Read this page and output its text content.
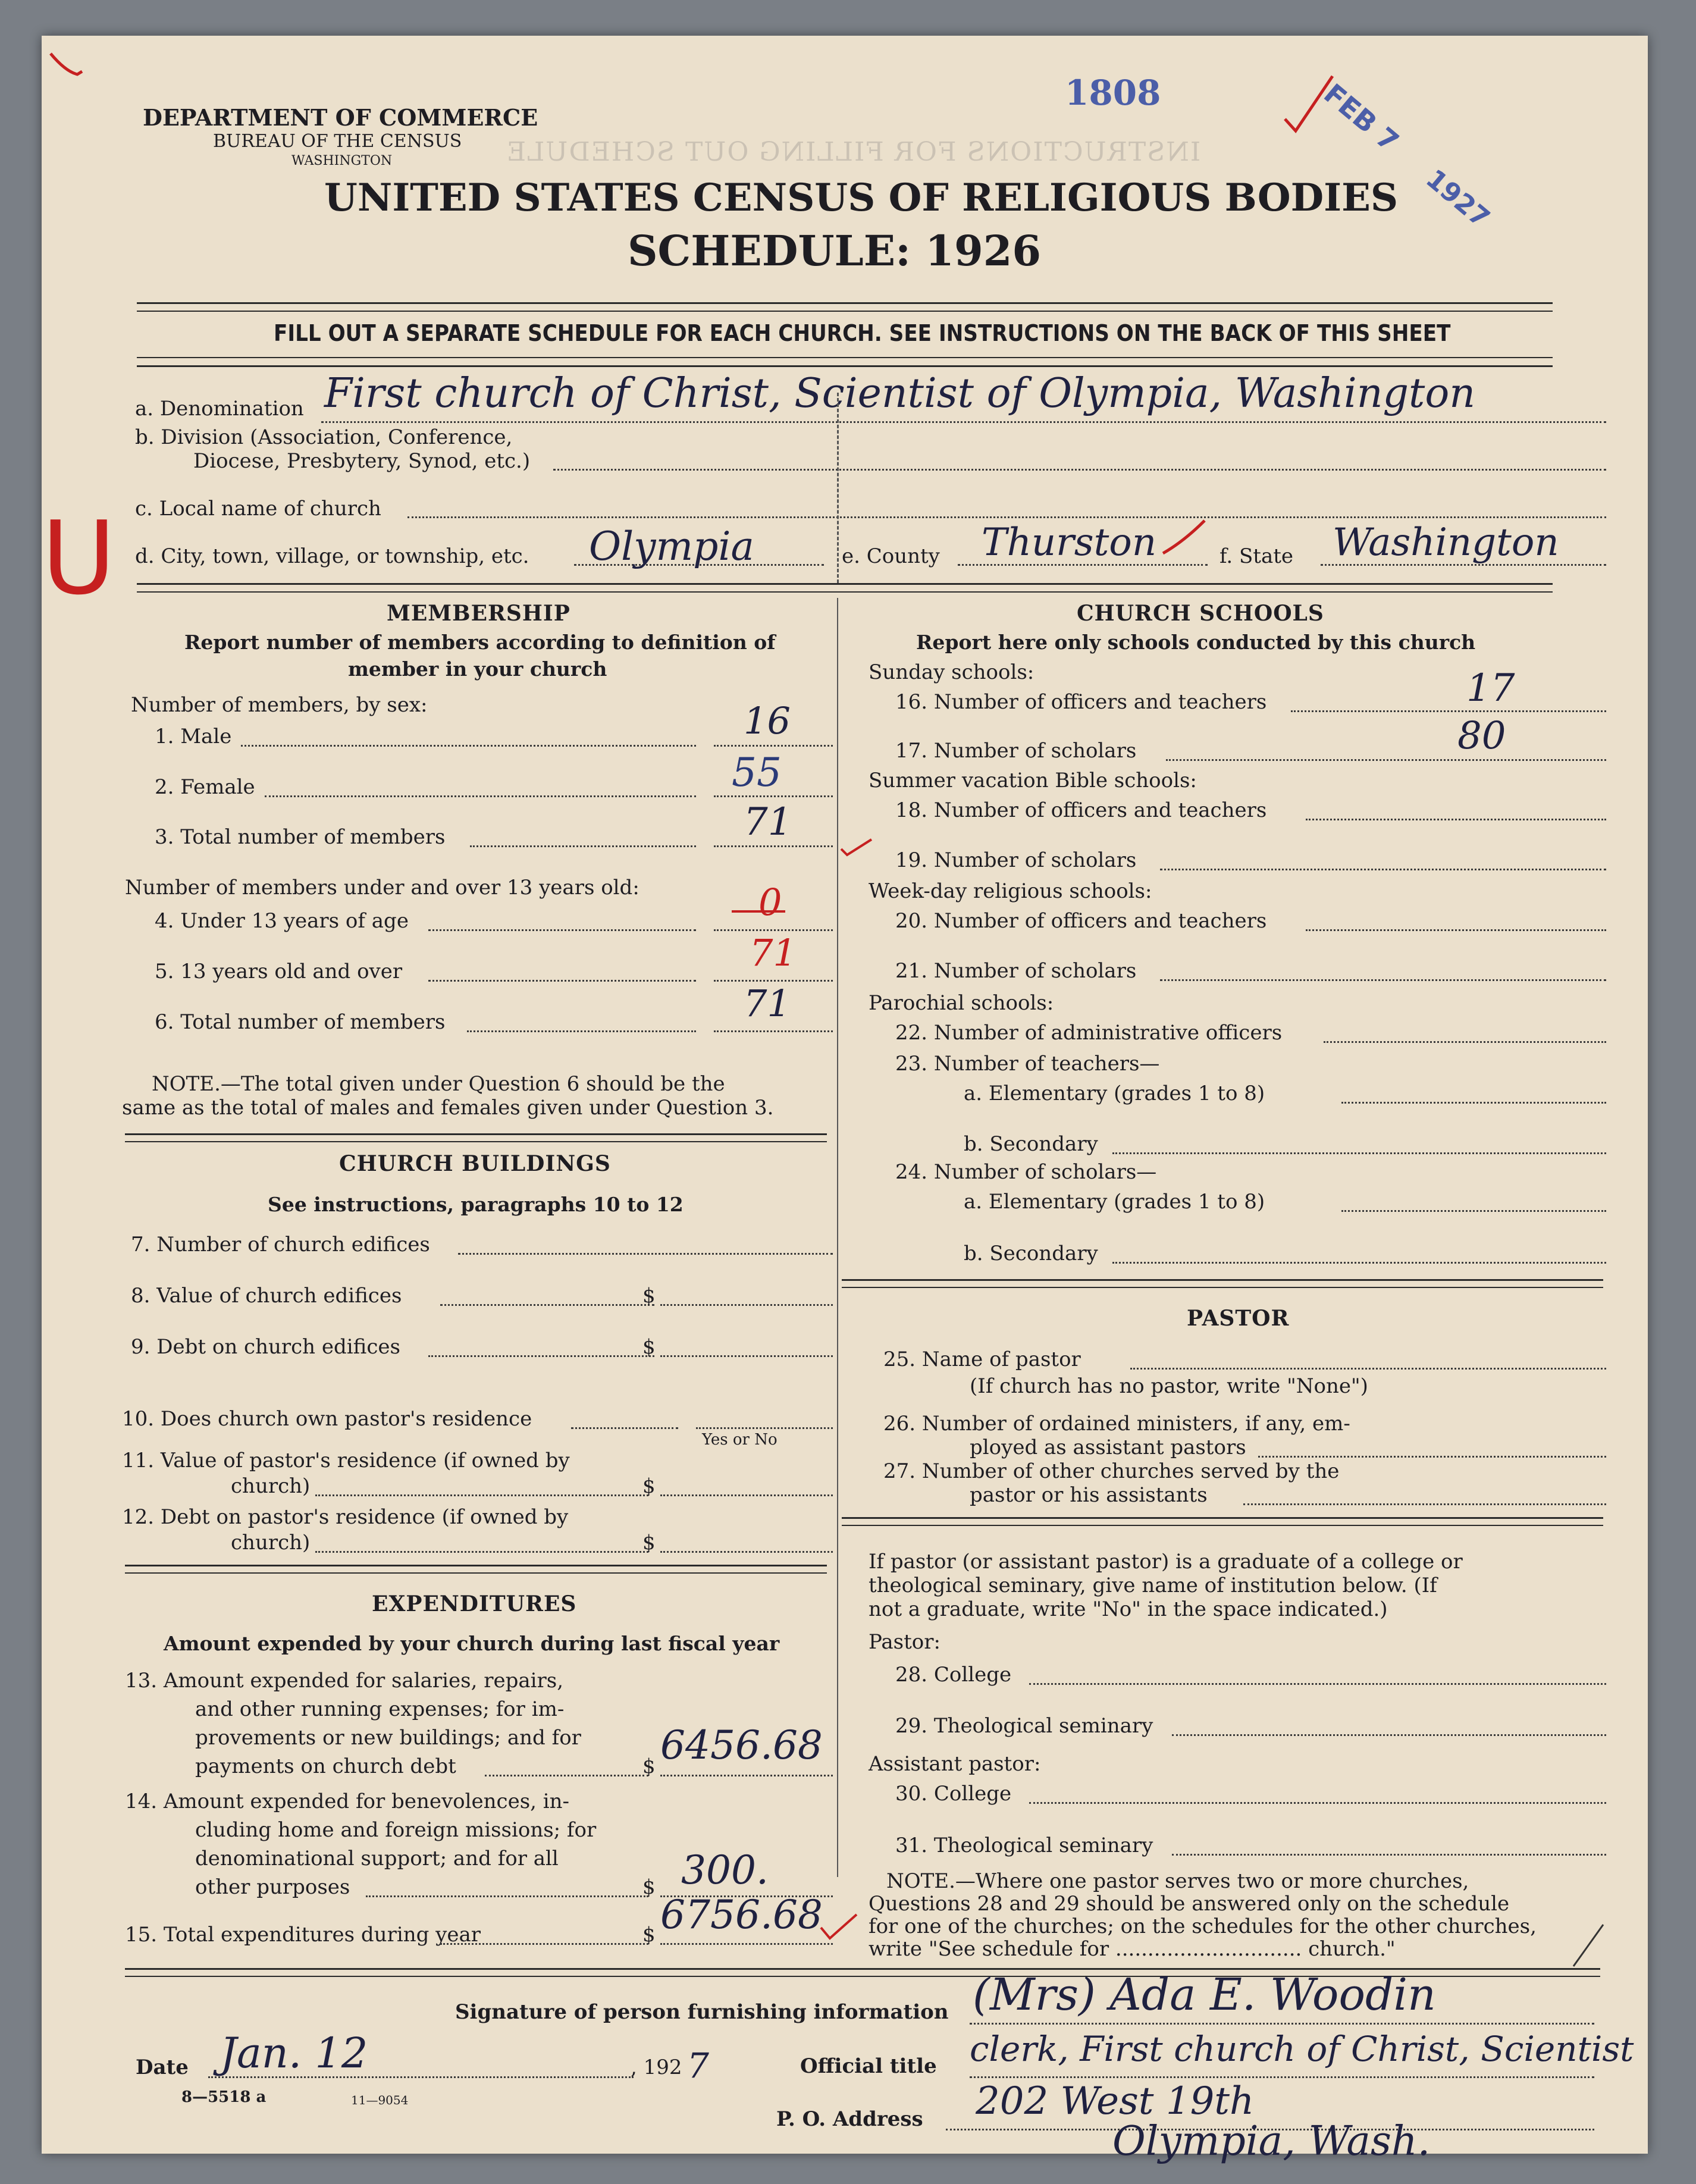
INSTRUCTIONS FOR FILLING OUT SCHEDULE
DEPARTMENT OF COMMERCE
BUREAU OF THE CENSUS
WASHINGTON
1808	FEB 7
1927
UNITED STATES CENSUS OF RELIGIOUS BODIES
SCHEDULE: 1926
FILL OUT A SEPARATE SCHEDULE FOR EACH CHURCH. SEE INSTRUCTIONS ON THE BACK OF THIS SHEET
a. Denomination First church of Christ, Scientist of Olympia, Washington
b. Division (Association, Conference,
Diocese, Presbytery, Synod, etc.)
c. Local name of church
U d. City, town, village, or township, etc. Olympia	e. County Thurston	f. State Washington
MEMBERSHIP
Report number of members according to definition of
member in your church
Number of members, by sex:
1. Male	16
2. Female	55
3. Total number of members	71
Number of members under and over 13 years old:
4. Under 13 years of age	0
5. 13 years old and over	71
6. Total number of members	71
NOTE.—The total given under Question 6 should be the
same as the total of males and females given under Question 3.
CHURCH BUILDINGS
See instructions, paragraphs 10 to 12
7. Number of church edifices
8. Value of church edifices	$
9. Debt on church edifices	$
10. Does church own pastor's residence
Yes or No
11. Value of pastor's residence (if owned by
church)	$
12. Debt on pastor's residence (if owned by
church)	$
EXPENDITURES
Amount expended by your church during last fiscal year
13. Amount expended for salaries, repairs,
and other running expenses; for im-
provements or new buildings; and for
payments on church debt	$ 6456.68
14. Amount expended for benevolences, in-
cluding home and foreign missions; for
denominational support; and for all
other purposes	$ 300.
15. Total expenditures during year	$ 6756.68
CHURCH SCHOOLS
Report here only schools conducted by this church
Sunday schools:
16. Number of officers and teachers	17
17. Number of scholars	80
Summer vacation Bible schools:
18. Number of officers and teachers
19. Number of scholars
Week-day religious schools:
20. Number of officers and teachers
21. Number of scholars
Parochial schools:
22. Number of administrative officers
23. Number of teachers—
a. Elementary (grades 1 to 8)
b. Secondary
24. Number of scholars—
a. Elementary (grades 1 to 8)
b. Secondary
PASTOR
25. Name of pastor
(If church has no pastor, write "None")
26. Number of ordained ministers, if any, em-
ployed as assistant pastors
27. Number of other churches served by the
pastor or his assistants
If pastor (or assistant pastor) is a graduate of a college or
theological seminary, give name of institution below. (If
not a graduate, write "No" in the space indicated.)
Pastor:
28. College
29. Theological seminary
Assistant pastor:
30. College
31. Theological seminary
NOTE.—Where one pastor serves two or more churches,
Questions 28 and 29 should be answered only on the schedule
for one of the churches; on the schedules for the other churches,
write "See schedule for ............................. church."
Signature of person furnishing information (Mrs) Ada E. Woodin
Official title clerk, First church of Christ, Scientist
Date Jan. 12	, 192 7
P. O. Address 202 West 19th
Olympia, Wash.
8—5518 a	11—9054
